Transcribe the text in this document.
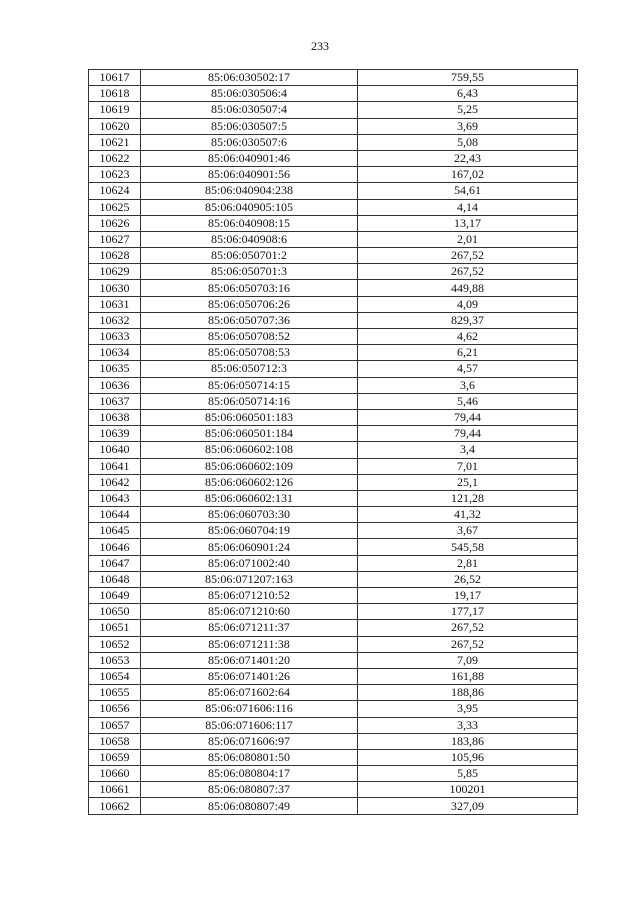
233
10617	85:06:030502:17	759,55
10618	85:06:030506:4	6,43
10619	85:06:030507:4	5,25
10620	85:06:030507:5	3,69
10621	85:06:030507:6	5,08
10622	85:06:040901:46	22,43
10623	85:06:040901:56	167,02
10624	85:06:040904:238	54,61
10625	85:06:040905:105	4,14
10626	85:06:040908:15	13,17
10627	85:06:040908:6	2,01
10628	85:06:050701:2	267,52
10629	85:06:050701:3	267,52
10630	85:06:050703:16	449,88
10631	85:06:050706:26	4,09
10632	85:06:050707:36	829,37
10633	85:06:050708:52	4,62
10634	85:06:050708:53	6,21
10635	85:06:050712:3	4,57
10636	85:06:050714:15	3,6
10637	85:06:050714:16	5,46
10638	85:06:060501:183	79,44
10639	85:06:060501:184	79,44
10640	85:06:060602:108	3,4
10641	85:06:060602:109	7,01
10642	85:06:060602:126	25,1
10643	85:06:060602:131	121,28
10644	85:06:060703:30	41,32
10645	85:06:060704:19	3,67
10646	85:06:060901:24	545,58
10647	85:06:071002:40	2,81
10648	85:06:071207:163	26,52
10649	85:06:071210:52	19,17
10650	85:06:071210:60	177,17
10651	85:06:071211:37	267,52
10652	85:06:071211:38	267,52
10653	85:06:071401:20	7,09
10654	85:06:071401:26	161,88
10655	85:06:071602:64	188,86
10656	85:06:071606:116	3,95
10657	85:06:071606:117	3,33
10658	85:06:071606:97	183,86
10659	85:06:080801:50	105,96
10660	85:06:080804:17	5,85
10661	85:06:080807:37	100201
10662	85:06:080807:49	327,09
